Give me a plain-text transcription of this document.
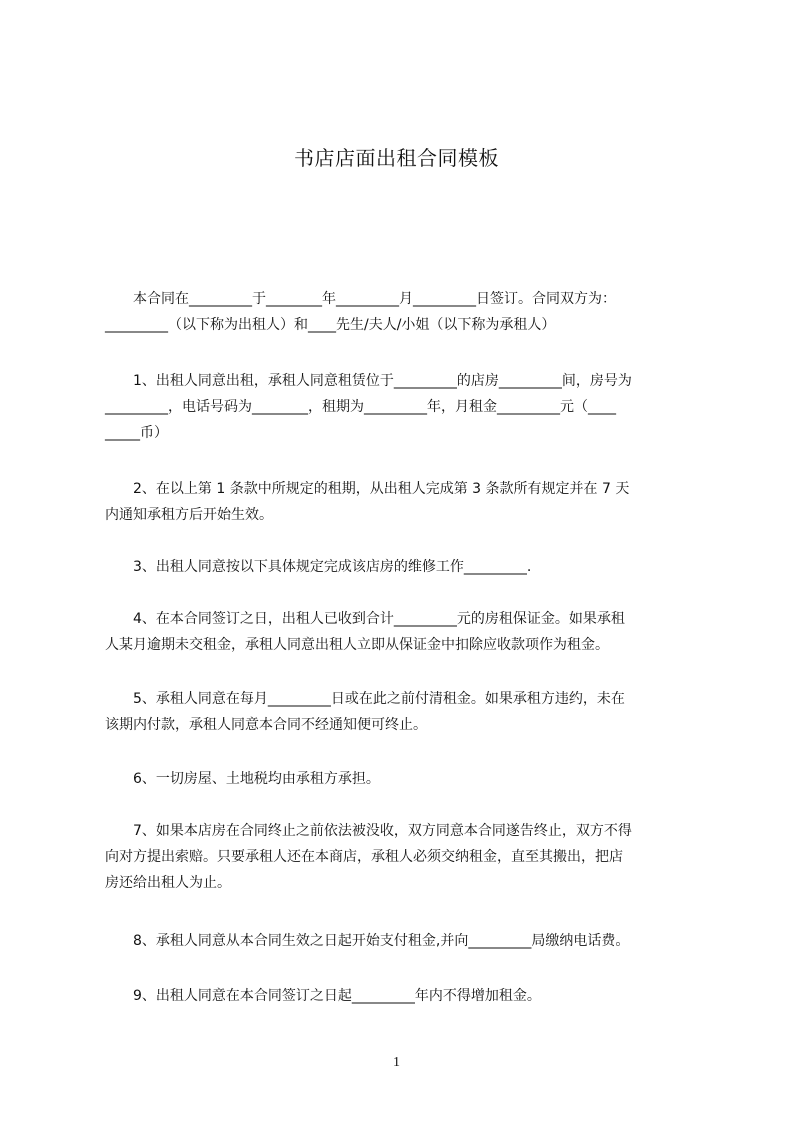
书店店面出租合同模板
　　本合同在_________于________年_________月_________日签订。合同双方为：
_________（以下称为出租人）和____先生/夫人/小姐（以下称为承租人）
　　1、出租人同意出租，承租人同意租赁位于_________的店房_________间，房号为
_________，电话号码为________，租期为_________年，月租金_________元（____
_____币）
　　2、在以上第 1 条款中所规定的租期，从出租人完成第 3 条款所有规定并在 7 天
内通知承租方后开始生效。
　　3、出租人同意按以下具体规定完成该店房的维修工作_________.
　　4、在本合同签订之日，出租人已收到合计_________元的房租保证金。如果承租
人某月逾期未交租金，承租人同意出租人立即从保证金中扣除应收款项作为租金。
　　5、承租人同意在每月_________日或在此之前付清租金。如果承租方违约，未在
该期内付款，承租人同意本合同不经通知便可终止。
　　6、一切房屋、土地税均由承租方承担。
　　7、如果本店房在合同终止之前依法被没收，双方同意本合同遂告终止，双方不得
向对方提出索赔。只要承租人还在本商店，承租人必须交纳租金，直至其搬出，把店
房还给出租人为止。
　　8、承租人同意从本合同生效之日起开始支付租金,并向_________局缴纳电话费。
　　9、出租人同意在本合同签订之日起_________年内不得增加租金。
1
